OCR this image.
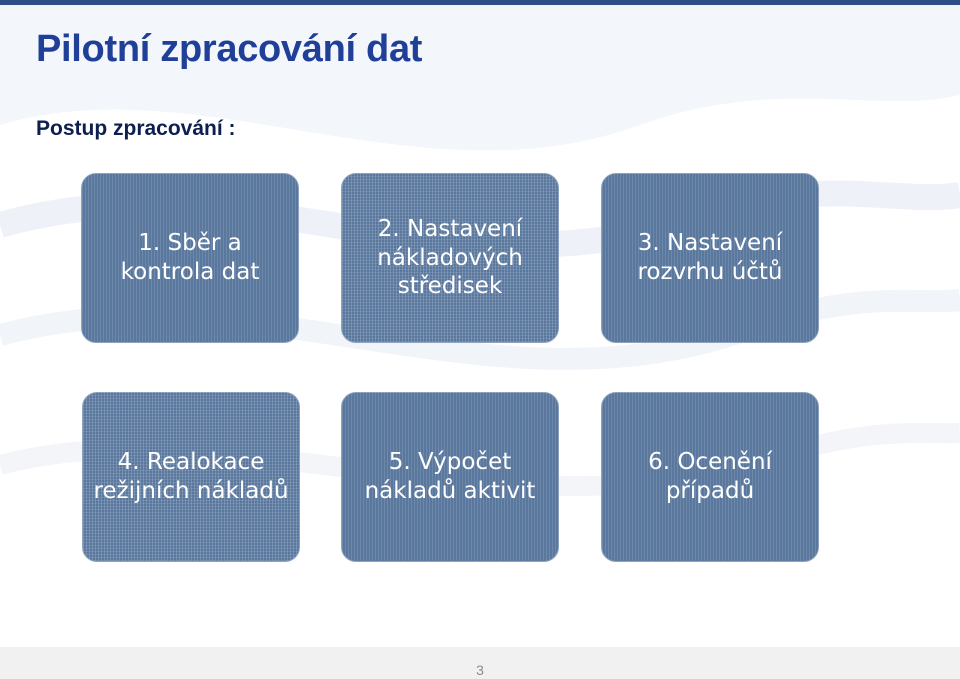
Pilotní zpracování dat

Postup zpracování :

1. Sběr a kontrola dat
2. Nastavení nákladových středisek
3. Nastavení rozvrhu účtů
4. Realokace režijních nákladů
5. Výpočet nákladů aktivit
6. Ocenění případů
3
